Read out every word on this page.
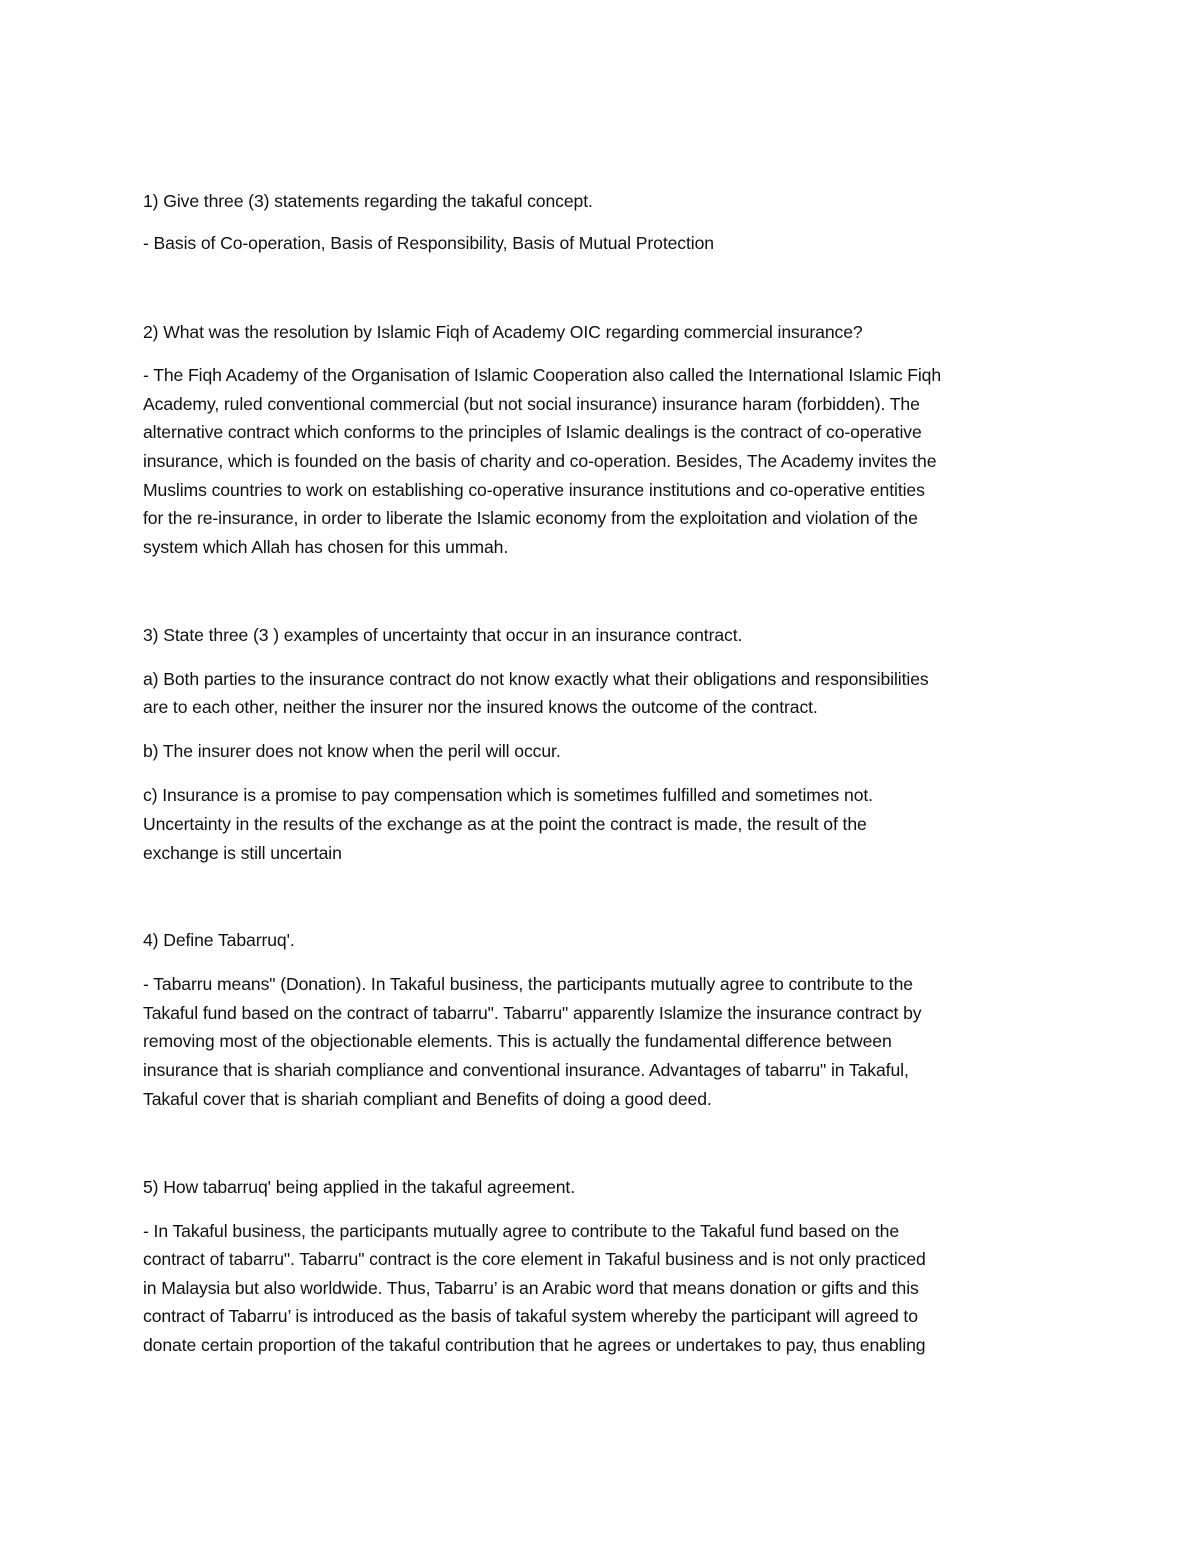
1) Give three (3) statements regarding the takaful concept.

- Basis of Co-operation, Basis of Responsibility, Basis of Mutual Protection

2) What was the resolution by Islamic Fiqh of Academy OIC regarding commercial insurance?

- The Fiqh Academy of the Organisation of Islamic Cooperation also called the International Islamic Fiqh

Academy, ruled conventional commercial (but not social insurance) insurance haram (forbidden). The

alternative contract which conforms to the principles of Islamic dealings is the contract of co-operative

insurance, which is founded on the basis of charity and co-operation. Besides, The Academy invites the

Muslims countries to work on establishing co-operative insurance institutions and co-operative entities

for the re-insurance, in order to liberate the Islamic economy from the exploitation and violation of the

system which Allah has chosen for this ummah.

3) State three (3 ) examples of uncertainty that occur in an insurance contract.

a) Both parties to the insurance contract do not know exactly what their obligations and responsibilities

are to each other, neither the insurer nor the insured knows the outcome of the contract.

b) The insurer does not know when the peril will occur.

c) Insurance is a promise to pay compensation which is sometimes fulfilled and sometimes not.

Uncertainty in the results of the exchange as at the point the contract is made, the result of the

exchange is still uncertain

4) Define Tabarruq'.

- Tabarru means" (Donation). In Takaful business, the participants mutually agree to contribute to the

Takaful fund based on the contract of tabarru". Tabarru" apparently Islamize the insurance contract by

removing most of the objectionable elements. This is actually the fundamental difference between

insurance that is shariah compliance and conventional insurance. Advantages of tabarru" in Takaful,

Takaful cover that is shariah compliant and Benefits of doing a good deed.

5) How tabarruq' being applied in the takaful agreement.

- In Takaful business, the participants mutually agree to contribute to the Takaful fund based on the

contract of tabarru". Tabarru" contract is the core element in Takaful business and is not only practiced

in Malaysia but also worldwide. Thus, Tabarru’ is an Arabic word that means donation or gifts and this

contract of Tabarru’ is introduced as the basis of takaful system whereby the participant will agreed to

donate certain proportion of the takaful contribution that he agrees or undertakes to pay, thus enabling
